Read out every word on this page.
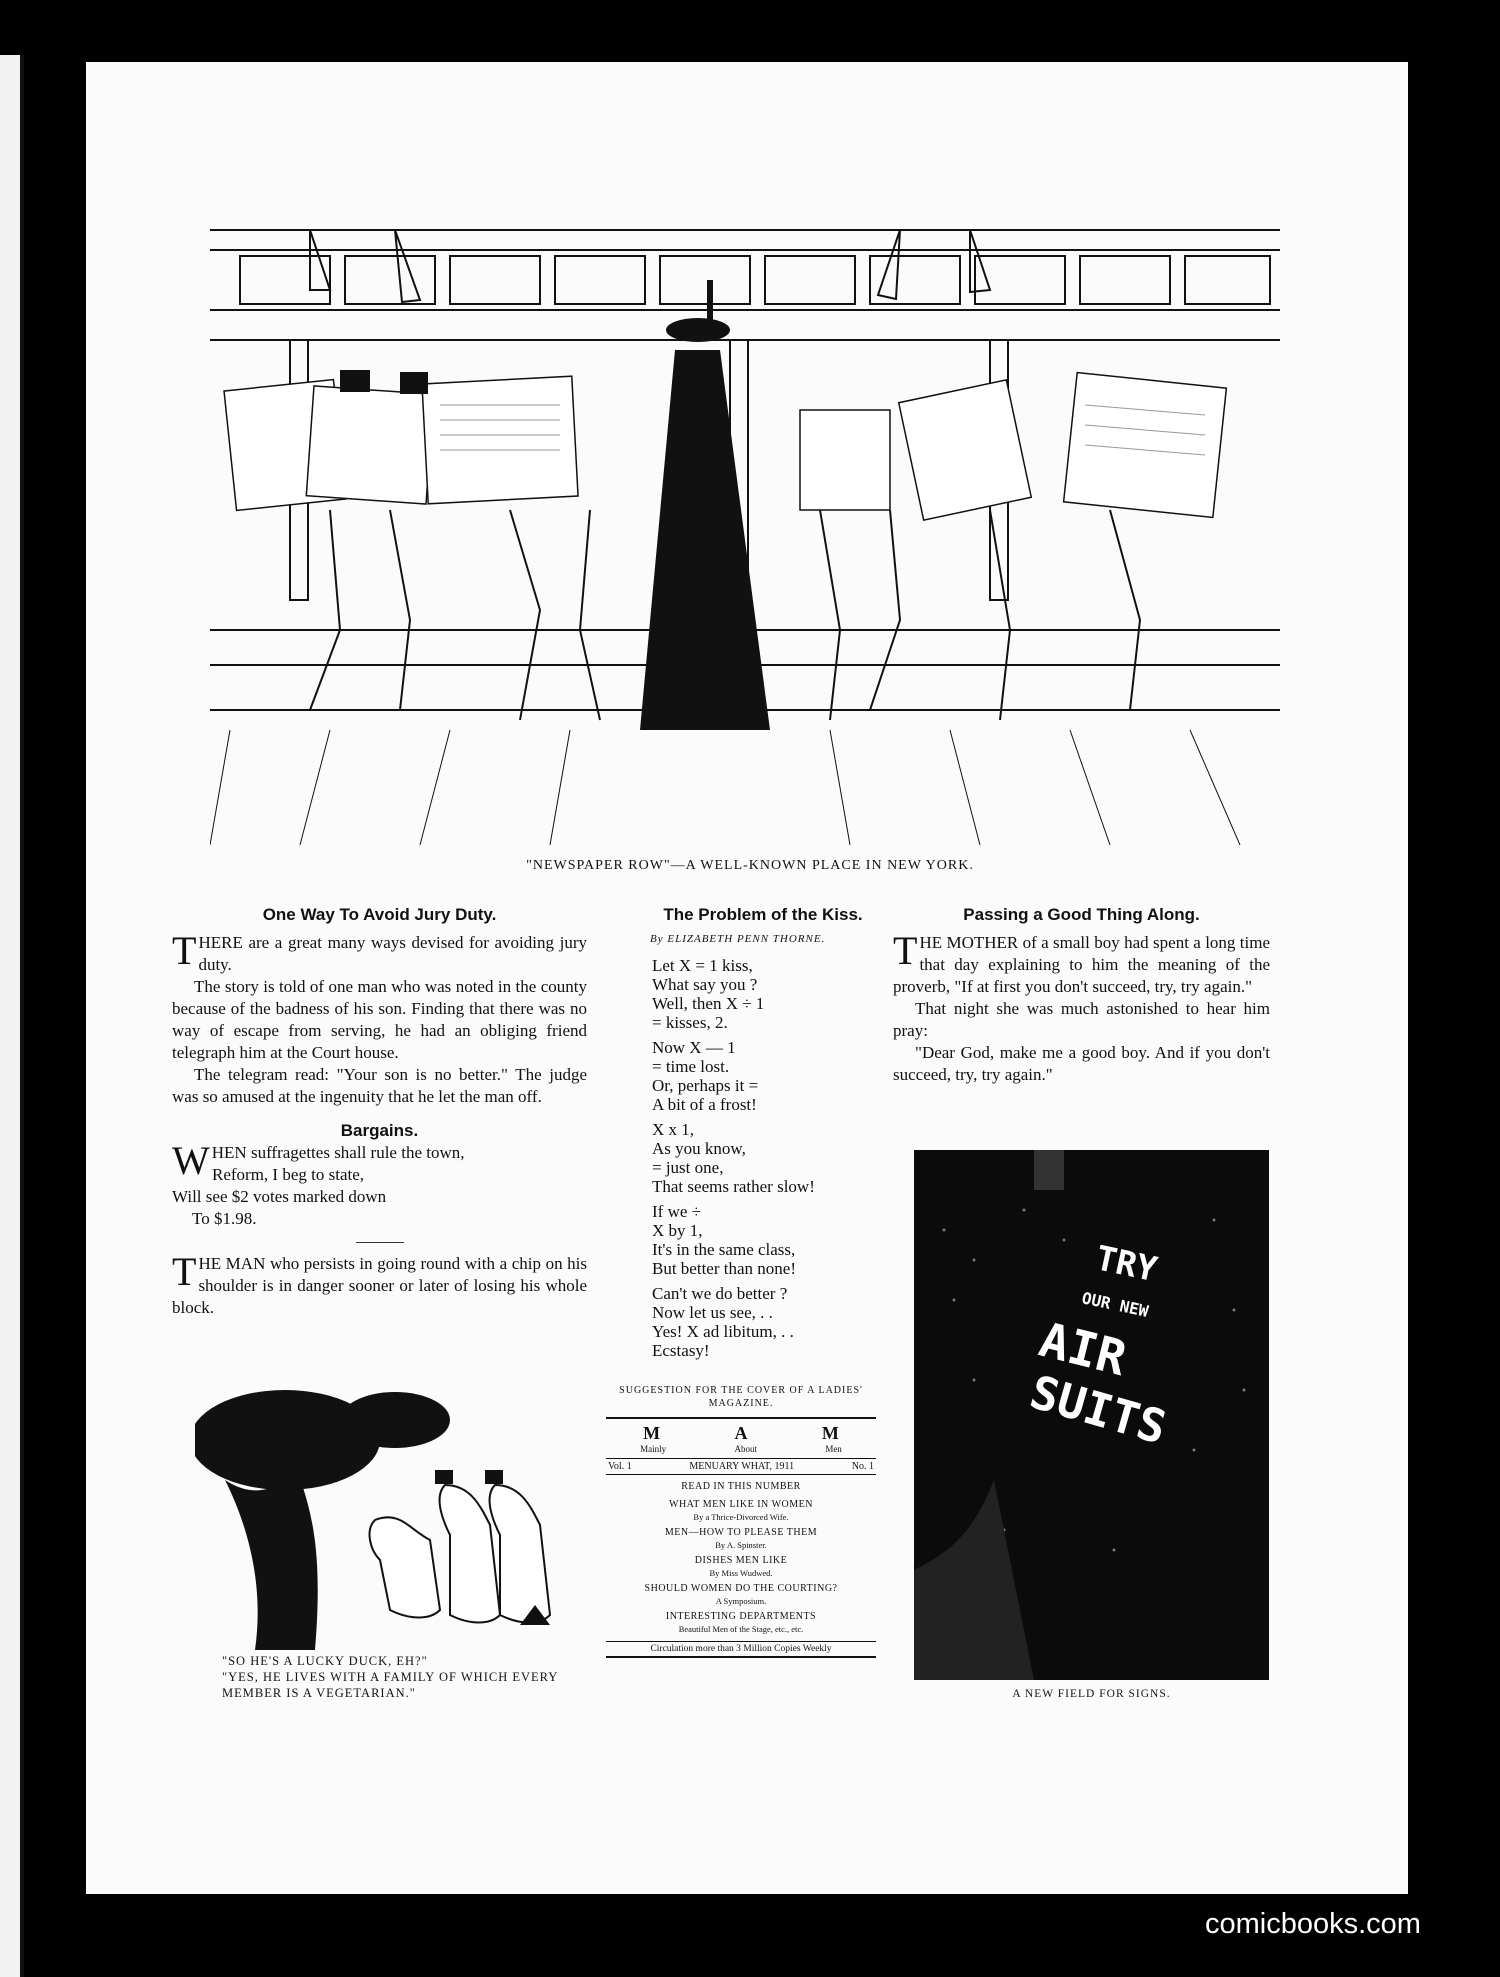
"NEWSPAPER ROW"—A WELL-KNOWN PLACE IN NEW YORK.
One Way To Avoid Jury Duty.

THERE are a great many ways devised for avoiding jury duty.

The story is told of one man who was noted in the county because of the badness of his son. Finding that there was no way of escape from serving, he had an obliging friend telegraph him at the Court house.

The telegram read: "Your son is no better." The judge was so amused at the ingenuity that he let the man off.

Bargains.
WHEN suffragettes shall rule the town,
Reform, I beg to state,
Will see $2 votes marked down
To $1.98.

THE MAN who persists in going round with a chip on his shoulder is in danger sooner or later of losing his whole block.

"SO HE'S A LUCKY DUCK, EH?"
"YES, HE LIVES WITH A FAMILY OF WHICH EVERY MEMBER IS A VEGETARIAN."
The Problem of the Kiss.
By ELIZABETH PENN THORNE.
Let X = 1 kiss,
What say you ?
Well, then X ÷ 1
= kisses, 2.
Now X — 1
= time lost.
Or, perhaps it =
A bit of a frost!
X x 1,
As you know,
= just one,
That seems rather slow!
If we ÷
X by 1,
It's in the same class,
But better than none!
Can't we do better ?
Now let us see, . .
Yes! X ad libitum, . .
Ecstasy!
SUGGESTION FOR THE COVER OF A LADIES' MAGAZINE.
M	A	M
Mainly	About	Men
Vol. 1	MENUARY WHAT, 1911	No. 1
READ IN THIS NUMBER
WHAT MEN LIKE IN WOMEN
By a Thrice-Divorced Wife.
MEN—HOW TO PLEASE THEM
By A. Spinster.
DISHES MEN LIKE
By Miss Wudwed.
SHOULD WOMEN DO THE COURTING?
A Symposium.
INTERESTING DEPARTMENTS
Beautiful Men of the Stage, etc., etc.
Circulation more than 3 Million Copies Weekly
Passing a Good Thing Along.

THE MOTHER of a small boy had spent a long time that day explaining to him the meaning of the proverb, "If at first you don't succeed, try, try again."

That night she was much astonished to hear him pray:

"Dear God, make me a good boy. And if you don't succeed, try, try again."

TRY
OUR NEW
AIR
SUITS
A NEW FIELD FOR SIGNS.
comicbooks.com
